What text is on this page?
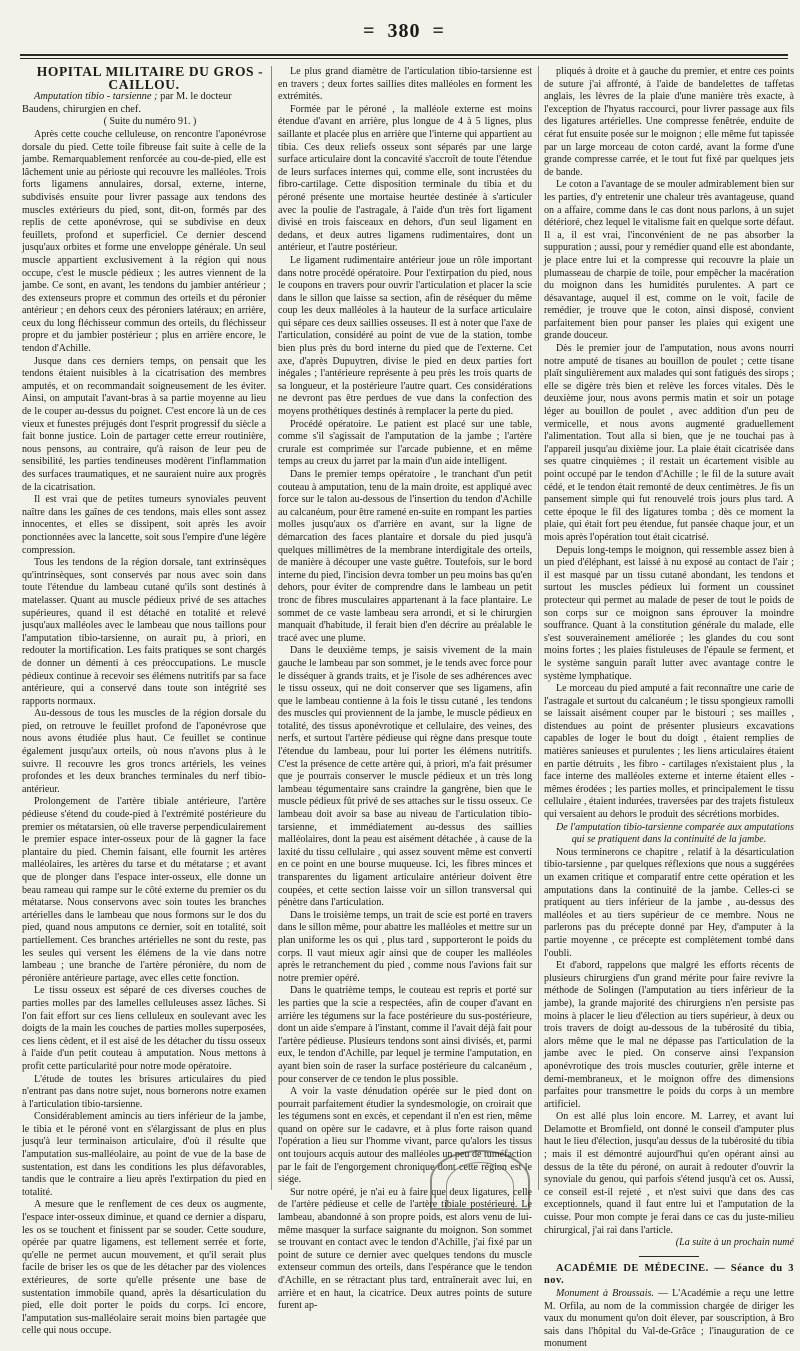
= 380 =

HOPITAL MILITAIRE DU GROS - CAILLOU.

Amputation tibio - tarsienne ; par M. le docteur Baudens, chirurgien en chef.

( Suite du numéro 91. )

Après cette couche celluleuse, on rencontre l'aponévrose dorsale du pied. Cette toile fibreuse fait suite à celle de la jambe. Remarquablement renforcée au cou-de-pied, elle est lâchement unie au périoste qui recouvre les malléoles. Trois forts ligamens annulaires, dorsal, externe, interne, subdivisés ensuite pour livrer passage aux tendons des muscles extérieurs du pied, sont, dit-on, formés par des replis de cette aponévrose, qui se subdivise en deux feuillets, profond et superficiel. Ce dernier descend jusqu'aux orbites et forme une enveloppe générale. Un seul muscle appartient exclusivement à la région qui nous occupe, c'est le muscle pédieux ; les autres viennent de la jambe. Ce sont, en avant, les tendons du jambier antérieur ; des extenseurs propre et commun des orteils et du péronier antérieur ; en dehors ceux des péroniers latéraux; en arrière, ceux du long fléchisseur commun des orteils, du fléchisseur propre et du jambier postérieur ; plus en arrière encore, le tendon d'Achille.

Jusque dans ces derniers temps, on pensait que les tendons étaient nuisibles à la cicatrisation des membres amputés, et on recommandait soigneusement de les éviter. Ainsi, on amputait l'avant-bras à sa partie moyenne au lieu de le couper au-dessus du poignet. C'est encore là un de ces vieux et funestes préjugés dont l'esprit progressif du siècle a fait bonne justice. Loin de partager cette erreur routinière, nous pensons, au contraire, qu'à raison de leur peu de sensibilité, les parties tendineuses modèrent l'inflammation des surfaces traumatiques, et ne sauraient nuire aux progrès de la cicatrisation.

Il est vrai que de petites tumeurs synoviales peuvent naître dans les gaînes de ces tendons, mais elles sont assez innocentes, et elles se dissipent, soit après les avoir ponctionnées avec la lancette, soit sous l'empire d'une légère compression.

Tous les tendons de la région dorsale, tant extrinsèques qu'intrinsèques, sont conservés par nous avec soin dans toute l'étendue du lambeau cutané qu'ils sont destinés à matelasser. Quant au muscle pédieux privé de ses attaches supérieures, quand il est détaché en totalité et relevé jusqu'aux malléoles avec le lambeau que nous taillons pour l'amputation tibio-tarsienne, on aurait pu, à priori, en redouter la mortification. Les faits pratiques se sont chargés de donner un démenti à ces préoccupations. Le muscle pédieux continue à recevoir ses élémens nutritifs par sa face antérieure, qui a conservé dans toute son intégrité ses rapports normaux.

Au-dessous de tous les muscles de la région dorsale du pied, on retrouve le feuillet profond de l'aponévrose que nous avons étudiée plus haut. Ce feuillet se continue également jusqu'aux orteils, où nous n'avons plus à le suivre. Il recouvre les gros troncs artériels, les veines profondes et les deux branches terminales du nerf tibio-antérieur.

Prolongement de l'artère tibiale antérieure, l'artère pédieuse s'étend du coude-pied à l'extrémité postérieure du premier os métatarsien, où elle traverse perpendiculairement le premier espace inter-osseux pour de là gagner la face plantaire du pied. Chemin faisant, elle fournit les artères malléolaires, les artères du tarse et du métatarse ; et avant que de plonger dans l'espace inter-osseux, elle donne un beau rameau qui rampe sur le côté externe du premier os du métatarse. Nous conservons avec soin toutes les branches artérielles dans le lambeau que nous formons sur le dos du pied, quand nous amputons ce dernier, soit en totalité, soit partiellement. Ces branches artérielles ne sont du reste, pas les seules qui versent les élémens de la vie dans notre lambeau ; une branche de l'artère péronière, du nom de péronière antérieure partage, avec elles cette fonction.

Le tissu osseux est séparé de ces diverses couches de parties molles par des lamelles celluleuses assez lâches. Si l'on fait effort sur ces liens celluleux en soulevant avec les doigts de la main les couches de parties molles superposées, ces liens cèdent, et il est aisé de les détacher du tissu osseux à l'aide d'un petit couteau à amputation. Nous mettons à profit cette particularité pour notre mode opératoire.

L'étude de toutes les brisures articulaires du pied n'entrant pas dans notre sujet, nous bornerons notre examen à l'articulation tibio-tarsienne.

Considérablement amincis au tiers inférieur de la jambe, le tibia et le péroné vont en s'élargissant de plus en plus jusqu'à leur terminaison articulaire, d'où il résulte que l'amputation sus-malléolaire, au point de vue de la base de sustentation, est dans les conditions les plus défavorables, tandis que le contraire a lieu après l'extirpation du pied en totalité.

A mesure que le renflement de ces deux os augmente, l'espace inter-osseux diminue, et quand ce dernier a disparu, les os se touchent et finissent par se souder. Cette soudure, opérée par quatre ligamens, est tellement serrée et forte, qu'elle ne permet aucun mouvement, et qu'il serait plus facile de briser les os que de les détacher par des violences extérieures, de sorte qu'elle présente une base de sustentation immobile quand, après la désarticulation du pied, elle doit porter le poids du corps. Ici encore, l'amputation sus-malléolaire serait moins bien partagée que celle qui nous occupe.

Le plus grand diamètre de l'articulation tibio-tarsienne est en travers ; deux fortes saillies dites malléoles en forment les extrémités.

Formée par le péroné , la malléole externe est moins étendue d'avant en arrière, plus longue de 4 à 5 lignes, plus saillante et placée plus en arrière que l'interne qui appartient au tibia. Ces deux reliefs osseux sont séparés par une large surface articulaire dont la concavité s'accroît de toute l'étendue de leurs surfaces internes qui, comme elle, sont incrustées du fibro-cartilage. Cette disposition terminale du tibia et du péroné présente une mortaise heurtée destinée à s'articuler avec la poulie de l'astragale, à l'aide d'un très fort ligament divisé en trois faisceaux en dehors, d'un seul ligament en dedans, et deux autres ligamens rudimentaires, dont un antérieur, et l'autre postérieur.

Le ligament rudimentaire antérieur joue un rôle important dans notre procédé opératoire. Pour l'extirpation du pied, nous le coupons en travers pour ouvrir l'articulation et placer la scie dans le sillon que laisse sa section, afin de réséquer du même coup les deux malléoles à la hauteur de la surface articulaire qui sépare ces deux saillies osseuses. Il est à noter que l'axe de l'articulation, considéré au point de vue de la station, tombe bien plus près du bord interne du pied que de l'externe. Cet axe, d'après Dupuytren, divise le pied en deux parties fort inégales ; l'antérieure représente à peu près les trois quarts de sa longueur, et la postérieure l'autre quart. Ces considérations ne devront pas être perdues de vue dans la confection des moyens prothétiques destinés à remplacer la perte du pied.

Procédé opératoire. Le patient est placé sur une table, comme s'il s'agissait de l'amputation de la jambe ; l'artère crurale est comprimée sur l'arcade pubienne, et en même temps au creux du jarret par la main d'un aide intelligent.

Dans le premier temps opératoire , le tranchant d'un petit couteau à amputation, tenu de la main droite, est appliqué avec force sur le talon au-dessous de l'insertion du tendon d'Achille au calcanéum, pour être ramené en-suite en rompant les parties molles jusqu'aux os d'arrière en avant, sur la ligne de démarcation des faces plantaire et dorsale du pied jusqu'à quelques millimètres de la membrane interdigitale des orteils, de manière à découper une vaste guêtre. Toutefois, sur le bord interne du pied, l'incision devra tomber un peu moins bas qu'en dehors, pour éviter de comprendre dans le lambeau un petit tronc de fibres musculaires appartenant à la face plantaire. Le sommet de ce vaste lambeau sera arrondi, et si le chirurgien manquait d'habitude, il ferait bien d'en décrire au préalable le tracé avec une plume.

Dans le deuxième temps, je saisis vivement de la main gauche le lambeau par son sommet, je le tends avec force pour le disséquer à grands traits, et je l'isole de ses adhérences avec le tissu osseux, qui ne doit conserver que ses ligamens, afin que le lambeau contienne à la fois le tissu cutané , les tendons des muscles qui proviennent de la jambe, le muscle pédieux en totalité, des tissus aponévrotique et cellulaire, des veines, des nerfs, et surtout l'artère pédieuse qui règne dans presque toute l'étendue du lambeau, pour lui porter les élémens nutritifs. C'est la présence de cette artère qui, à priori, m'a fait présumer que je pourrais conserver le muscle pédieux et un très long lambeau tégumentaire sans craindre la gangrène, bien que le muscle pédieux fût privé de ses attaches sur le tissu osseux. Ce lambeau doit avoir sa base au niveau de l'articulation tibio-tarsienne, et immédiatement au-dessus des saillies malléolaires, dont la peau est aisément détachée , à cause de la laxité du tissu cellulaire , qui assez souvent même est converti en ce point en une bourse muqueuse. Ici, les fibres minces et transparentes du ligament articulaire antérieur doivent être coupées, et cette section laisse voir un sillon transversal qui pénètre dans l'articulation.

Dans le troisième temps, un trait de scie est porté en travers dans le sillon même, pour abattre les malléoles et mettre sur un plan uniforme les os qui , plus tard , supporteront le poids du corps. Il vaut mieux agir ainsi que de couper les malléoles après le retranchement du pied , comme nous l'avions fait sur notre premier opéré.

Dans le quatrième temps, le couteau est repris et porté sur les parties que la scie a respectées, afin de couper d'avant en arrière les tégumens sur la face postérieure du sus-postérieure, dont un aide s'empare à l'instant, comme il l'avait déjà fait pour l'artère pédieuse. Plusieurs tendons sont ainsi divisés, et, parmi eux, le tendon d'Achille, par lequel je termine l'amputation, en ayant bien soin de raser la surface postérieure du calcanéum , pour conserver de ce tendon le plus possible.

A voir la vaste dénudation opérée sur le pied dont on pourrait parfaitement étudier la syndesmologie, on croirait que les tégumens sont en excès, et cependant il n'en est rien, même quand on opère sur le cadavre, et à plus forte raison quand l'opération a lieu sur l'homme vivant, parce qu'alors les tissus ont toujours acquis autour des malléoles un peu de tuméfaction par le fait de l'engorgement chronique dont cette région est le siége.

Sur notre opéré, je n'ai eu à faire que deux ligatures, celle de l'artère pédieuse et celle de l'artère tibiale postérieure. Le lambeau, abandonné à son propre poids, est alors venu de lui-même masquer la surface saignante du moignon. Son sommet se trouvant en contact avec le tendon d'Achille, j'ai fixé par un point de suture ce dernier avec quelques tendons du muscle extenseur commun des orteils, dans l'espérance que le tendon d'Achille, en se rétractant plus tard, entraînerait avec lui, en arrière et en haut, la cicatrice. Deux autres points de suture furent ap-

pliqués à droite et à gauche du premier, et entre ces points de suture j'ai affronté, à l'aide de bandelettes de taffetas anglais, les lèvres de la plaie d'une manière très exacte, à l'exception de l'hyatus raccourci, pour livrer passage aux fils des ligatures artérielles. Une compresse fenêtrée, enduite de cérat fut ensuite posée sur le moignon ; elle même fut tapissée par un large morceau de coton cardé, avant la forme d'une grande compresse carrée, et le tout fut fixé par quelques jets de bande.

Le coton a l'avantage de se mouler admirablement bien sur les parties, d'y entretenir une chaleur très avantageuse, quand on a affaire, comme dans le cas dont nous parlons, à un sujet détérioré, chez lequel le vitalisme fait en quelque sorte défaut. Il a, il est vrai, l'inconvénient de ne pas absorber la suppuration ; aussi, pour y remédier quand elle est abondante, je place entre lui et la compresse qui recouvre la plaie un plumasseau de charpie de toile, pour empêcher la macération du moignon dans les humidités purulentes. A part ce désavantage, auquel il est, comme on le voit, facile de remédier, je trouve que le coton, ainsi disposé, convient parfaitement bien pour panser les plaies qui exigent une grande douceur.

Dès le premier jour de l'amputation, nous avons nourri notre amputé de tisanes au bouillon de poulet ; cette tisane plaît singulièrement aux malades qui sont fatigués des sirops ; elle se digère très bien et relève les forces vitales. Dès le deuxième jour, nous avons permis matin et soir un potage léger au bouillon de poulet , avec addition d'un peu de vermicelle, et nous avons augmenté graduellement l'alimentation. Tout alla si bien, que je ne touchai pas à l'appareil jusqu'au dixième jour. La plaie était cicatrisée dans ses quatre cinquièmes ; il restait un écartement visible au point occupé par le tendon d'Achille ; le fil de la suture avait cédé, et le tendon était remonté de deux centimètres. Je fis un pansement simple qui fut renouvelé trois jours plus tard. A cette époque le fil des ligatures tomba ; dès ce moment la plaie, qui était fort peu étendue, fut pansée chaque jour, et un mois après l'opération tout était cicatrisé.

Depuis long-temps le moignon, qui ressemble assez bien à un pied d'éléphant, est laissé à nu exposé au contact de l'air ; il est masqué par un tissu cutané abondant, les tendons et surtout les muscles pédieux lui forment un coussinet protecteur qui permet au malade de peser de tout le poids de son corps sur ce moignon sans éprouver la moindre souffrance. Quant à la constitution générale du malade, elle s'est souverainement améliorée ; les glandes du cou sont moins fortes ; les plaies fistuleuses de l'épaule se ferment, et le système sanguin paraît lutter avec avantage contre le système lymphatique.

Le morceau du pied amputé a fait reconnaître une carie de l'astragale et surtout du calcanéum ; le tissu spongieux ramolli se laissait aisément couper par le bistouri ; ses mailles , distendues au point de présenter plusieurs excavations capables de loger le bout du doigt , étaient remplies de matières sanieuses et purulentes ; les liens articulaires étaient en partie détruits , les fibro - cartilages n'existaient plus , la face interne des malléoles externe et interne étaient elles - mêmes érodées ; les parties molles, et principalement le tissu cellulaire , étaient indurées, traversées par des trajets fistuleux qui versaient au dehors le produit des sécrétions morbides.

De l'amputation tibio-tarsienne comparée aux amputations qui se pratiquent dans la continuité de la jambe.

Nous terminerons ce chapitre , relatif à la désarticulation tibio-tarsienne , par quelques réflexions que nous a suggérées un examen critique et comparatif entre cette opération et les amputations dans la continuité de la jambe. Celles-ci se pratiquent au tiers inférieur de la jambe , au-dessus des malléoles et au tiers supérieur de ce membre. Nous ne parlerons pas du précepte donné par Hey, d'amputer à la partie moyenne , ce précepte est complètement tombé dans l'oubli.

Et d'abord, rappelons que malgré les efforts récents de plusieurs chirurgiens d'un grand mérite pour faire revivre la méthode de Solingen (l'amputation au tiers inférieur de la jambe), la grande majorité des chirurgiens n'en persiste pas moins à placer le lieu d'élection au tiers supérieur, à deux ou trois travers de doigt au-dessous de la tubérosité du tibia, alors même que le mal ne dépasse pas l'articulation de la jambe avec le pied. On conserve ainsi l'expansion aponévrotique des trois muscles couturier, grêle interne et demi-membraneux, et le moignon offre des dimensions parfaites pour transmettre le poids du corps à un membre artificiel.

On est allé plus loin encore. M. Larrey, et avant lui Delamotte et Bromfield, ont donné le conseil d'amputer plus haut le lieu d'élection, jusqu'au dessus de la tubérosité du tibia ; mais il est démontré aujourd'hui qu'en opérant ainsi au dessus de la tête du péroné, on aurait à redouter d'ouvrir la synoviale du genou, qui parfois s'étend jusqu'à cet os. Aussi, ce conseil est-il rejeté , et n'est suivi que dans des cas exceptionnels, quand il faut entre lui et l'amputation de la cuisse. Pour mon compte je ferai dans ce cas du juste-milieu chirurgical, j'ai rai dans l'article.

(La suite à un prochain numé

ACADÉMIE DE MÉDECINE. — Séance du 3 nov.

Monument à Broussais. — L'Académie a reçu une lettre M. Orfila, au nom de la commission chargée de diriger les vaux du monument qu'on doit élever, par souscription, à Bro sais dans l'hôpital du Val-de-Grâce ; l'inauguration de ce monument
